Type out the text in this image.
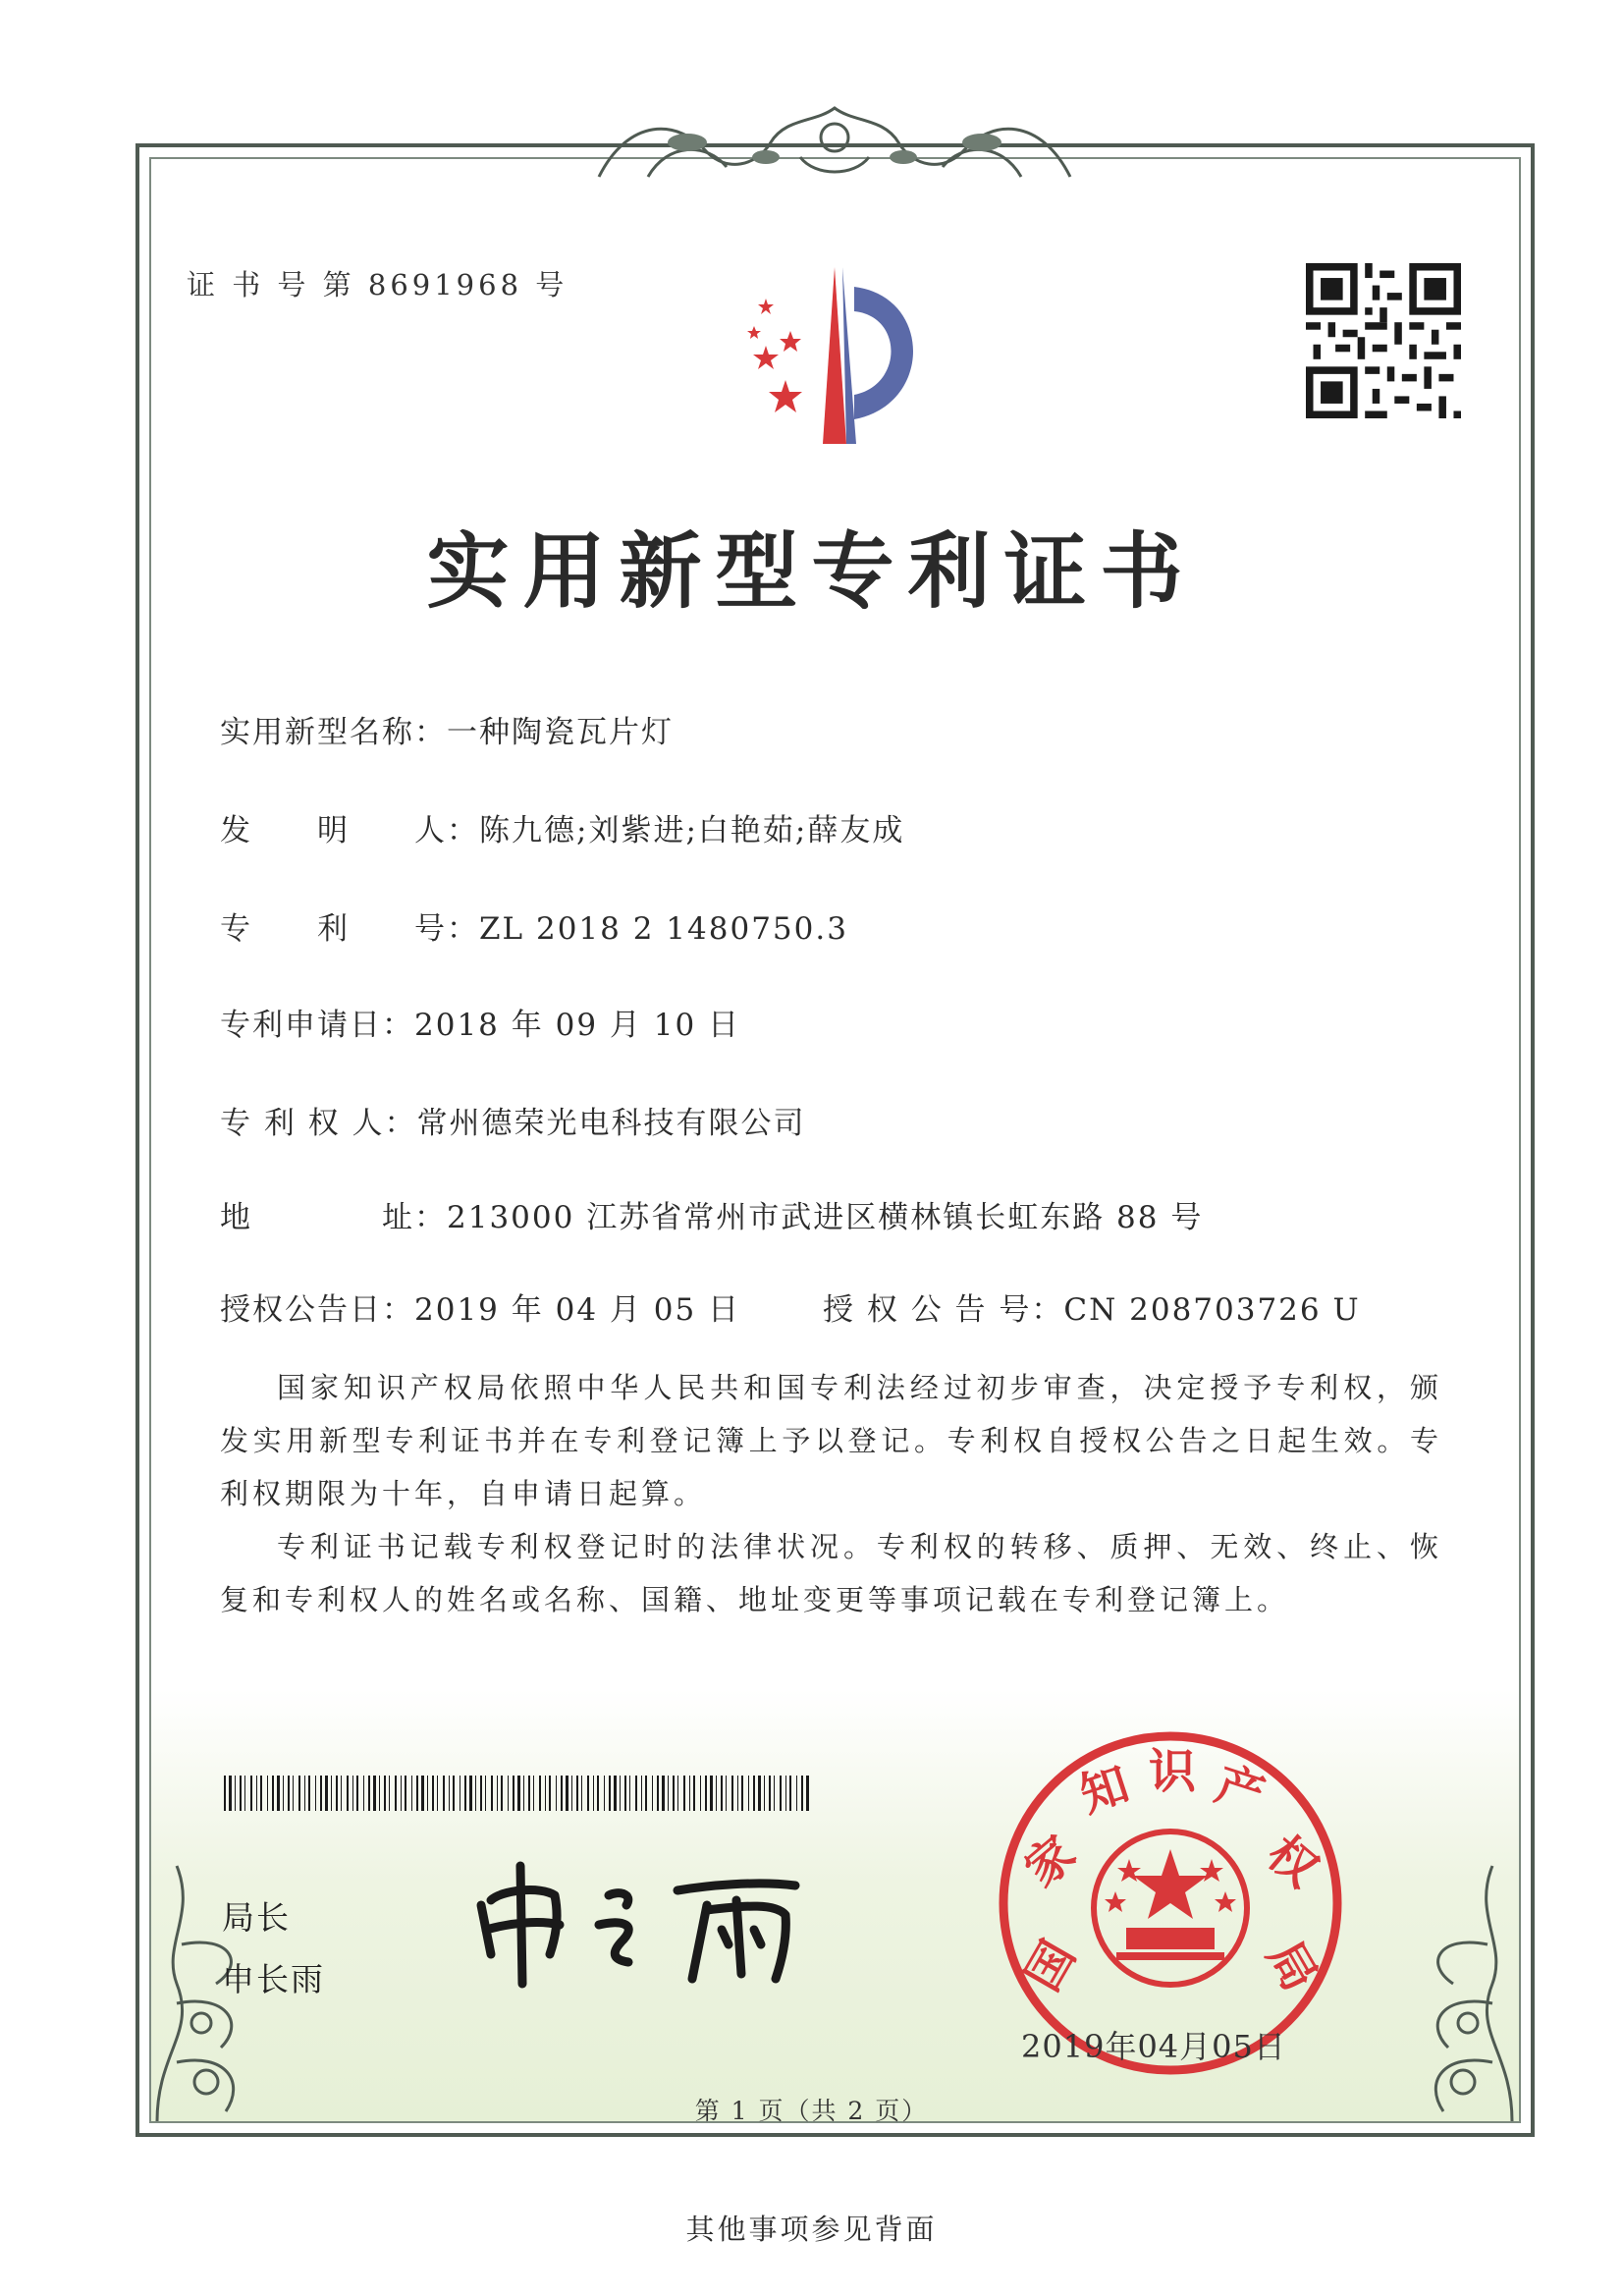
证 书 号 第 8691968 号
实用新型专利证书
实用新型名称：一种陶瓷瓦片灯
发　　明　　人：陈九德;刘紫进;白艳茹;薛友成
专　　利　　号：ZL 2018 2 1480750.3
专利申请日：2018 年 09 月 10 日
专 利 权 人：常州德荣光电科技有限公司
地　　　　址：213000 江苏省常州市武进区横林镇长虹东路 88 号
授权公告日：2019 年 04 月 05 日	授 权 公 告 号：CN 208703726 U
国家知识产权局依照中华人民共和国专利法经过初步审查，决定授予专利权，颁发实用新型专利证书并在专利登记簿上予以登记。专利权自授权公告之日起生效。专利权期限为十年，自申请日起算。
专利证书记载专利权登记时的法律状况。专利权的转移、质押、无效、终止、恢复和专利权人的姓名或名称、国籍、地址变更等事项记载在专利登记簿上。
局长
申长雨	国
家
知 识 产
权
局
2019年04月05日
第 1 页（共 2 页）
其他事项参见背面
